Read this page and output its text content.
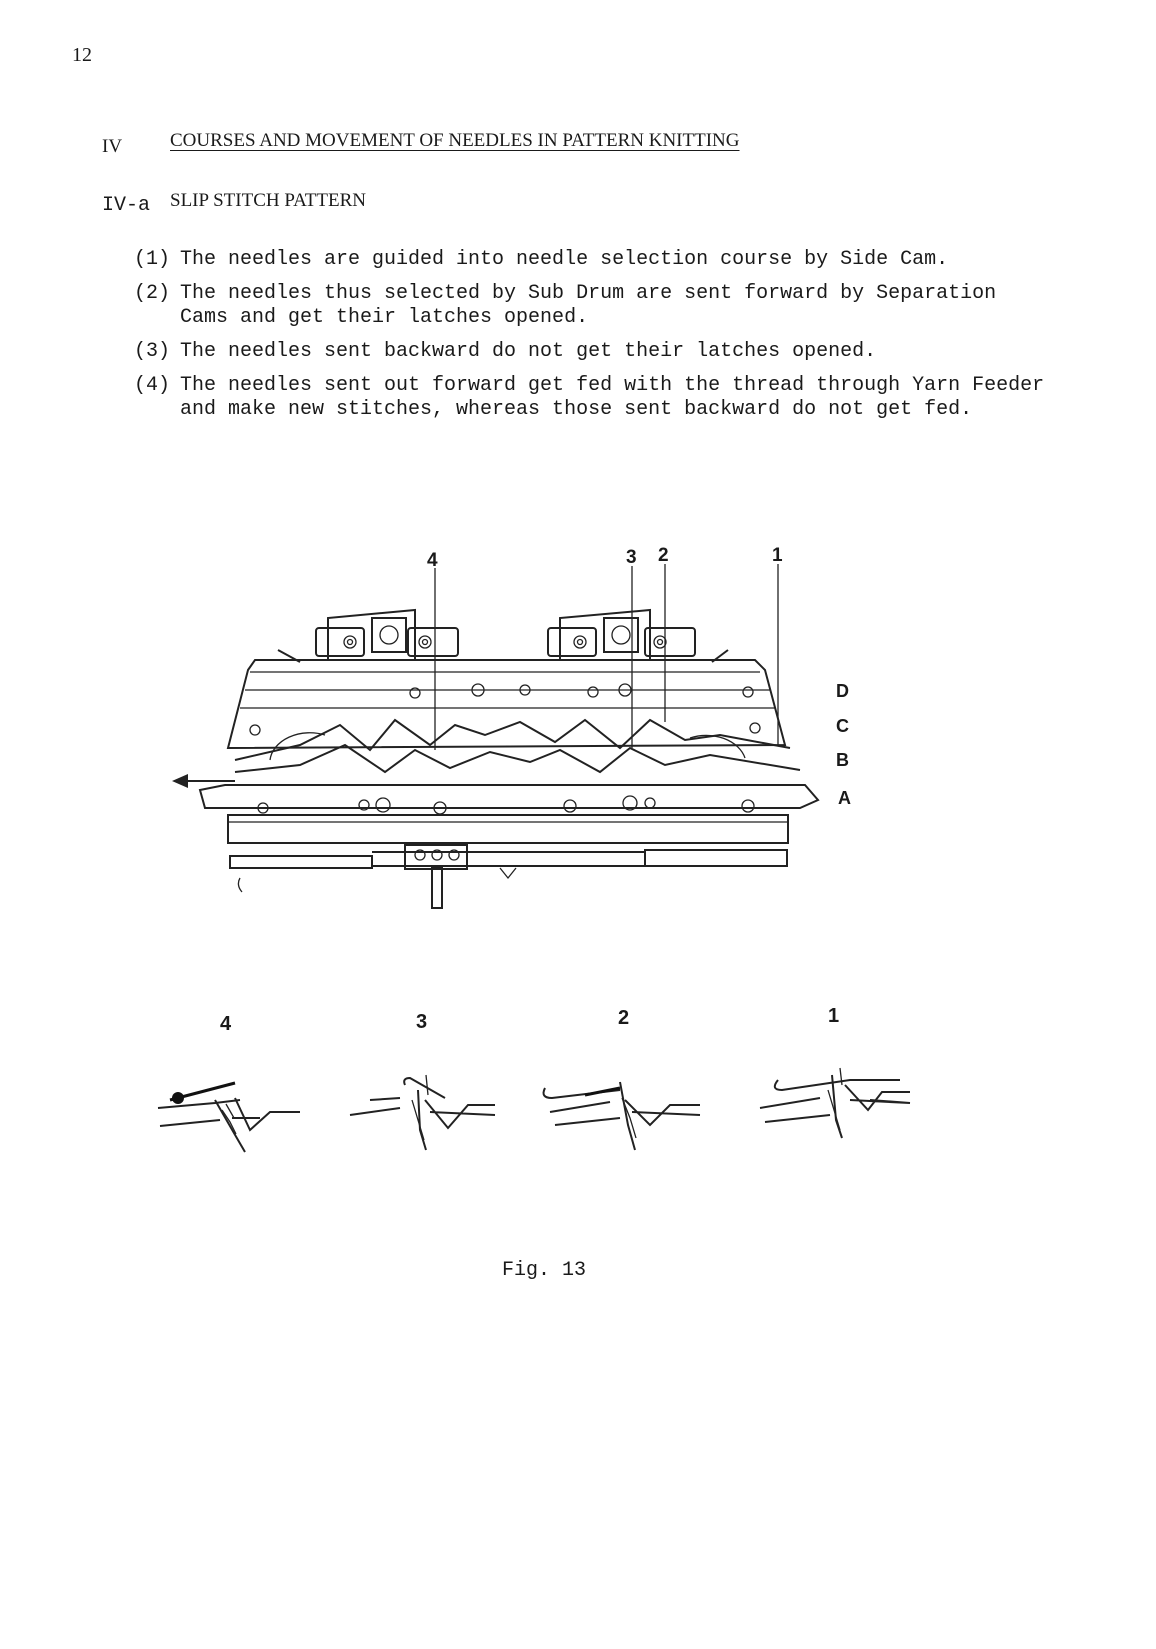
12
IV	COURSES AND MOVEMENT OF NEEDLES IN PATTERN KNITTING
IV-a SLIP STITCH PATTERN
(1) The needles are guided into needle selection course by Side Cam.
(2) The needles thus selected by Sub Drum are sent forward by Separation
Cams and get their latches opened.
(3) The needles sent backward do not get their latches opened.
(4) The needles sent out forward get fed with the thread through Yarn Feeder
and make new stitches, whereas those sent backward do not get fed.
4	3 2	1
D
C
B
A
4	3	2	1
Fig. 13
